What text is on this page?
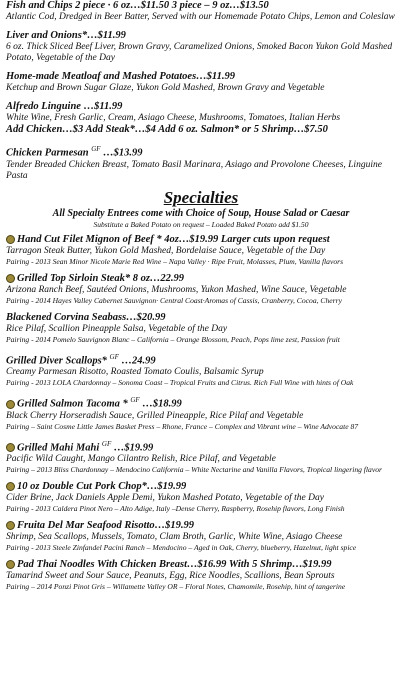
Fish and Chips 2 piece · 6 oz…$11.50 3 piece – 9 oz…$13.50
Atlantic Cod, Dredged in Beer Batter, Served with our Homemade Potato Chips, Lemon and Coleslaw
Liver and Onions*…$11.99
6 oz. Thick Sliced Beef Liver, Brown Gravy, Caramelized Onions, Smoked Bacon Yukon Gold Mashed Potato, Vegetable of the Day
Home-made Meatloaf and Mashed Potatoes…$11.99
Ketchup and Brown Sugar Glaze, Yukon Gold Mashed, Brown Gravy and Vegetable
Alfredo Linguine …$11.99
White Wine, Fresh Garlic, Cream, Asiago Cheese, Mushrooms, Tomatoes, Italian Herbs
Add Chicken…$3 Add Steak*…$4 Add 6 oz. Salmon* or 5 Shrimp…$7.50
Chicken Parmesan $^{GF}$ …$13.99
Tender Breaded Chicken Breast, Tomato Basil Marinara, Asiago and Provolone Cheeses, Linguine Pasta
Specialties
All Specialty Entrees come with Choice of Soup, House Salad or Caesar
Substitute a Baked Potato on request – Loaded Baked Potato add $1.50
Hand Cut Filet Mignon of Beef * 4oz…$19.99 Larger cuts upon request
Tarragon Steak Butter, Yukon Gold Mashed, Bordelaise Sauce, Vegetable of the Day
Pairing - 2013 Sean Minor Nicole Marie Red Wine – Napa Valley · Ripe Fruit, Molasses, Plum, Vanilla flavors
Grilled Top Sirloin Steak* 8 oz…22.99
Arizona Ranch Beef, Sautéed Onions, Mushrooms, Yukon Mashed, Wine Sauce, Vegetable
Pairing - 2014 Hayes Valley Cabernet Sauvignon· Central Coast·Aromas of Cassis, Cranberry, Cocoa, Cherry
Blackened Corvina Seabass…$20.99
Rice Pilaf, Scallion Pineapple Salsa, Vegetable of the Day
Pairing - 2014 Pomelo Sauvignon Blanc – California – Orange Blossom, Peach, Pops lime zest, Passion fruit
Grilled Diver Scallops* $^{GF}$ …24.99
Creamy Parmesan Risotto, Roasted Tomato Coulis, Balsamic Syrup
Pairing - 2013 LOLA Chardonnay – Sonoma Coast – Tropical Fruits and Citrus. Rich Full Wine with hints of Oak
Grilled Salmon Tacoma * $^{GF}$ …$18.99
Black Cherry Horseradish Sauce, Grilled Pineapple, Rice Pilaf and Vegetable
Pairing – Saint Cosme Little James Basket Press – Rhone, France – Complex and Vibrant wine – Wine Advocate 87
Grilled Mahi Mahi $^{GF}$ …$19.99
Pacific Wild Caught, Mango Cilantro Relish, Rice Pilaf, and Vegetable
Pairing – 2013 Bliss Chardonnay – Mendocino California – White Nectarine and Vanilla Flavors, Tropical lingering flavor
10 oz Double Cut Pork Chop*…$19.99
Cider Brine, Jack Daniels Apple Demi, Yukon Mashed Potato, Vegetable of the Day
Pairing - 2013 Caldera Pinot Nero – Alto Adige, Italy –Dense Cherry, Raspberry, Rosehip flavors, Long Finish
Fruita Del Mar Seafood Risotto…$19.99
Shrimp, Sea Scallops, Mussels, Tomato, Clam Broth, Garlic, White Wine, Asiago Cheese
Pairing - 2013 Steele Zinfandel Pacini Ranch – Mendocino – Aged in Oak, Cherry, blueberry, Hazelnut, light spice
Pad Thai Noodles With Chicken Breast…$16.99 With 5 Shrimp…$19.99
Tamarind Sweet and Sour Sauce, Peanuts, Egg, Rice Noodles, Scallions, Bean Sprouts
Pairing – 2014 Ponzi Pinot Gris – Willamette Valley OR – Floral Notes, Chamomile, Rosehip, hint of tangerine
